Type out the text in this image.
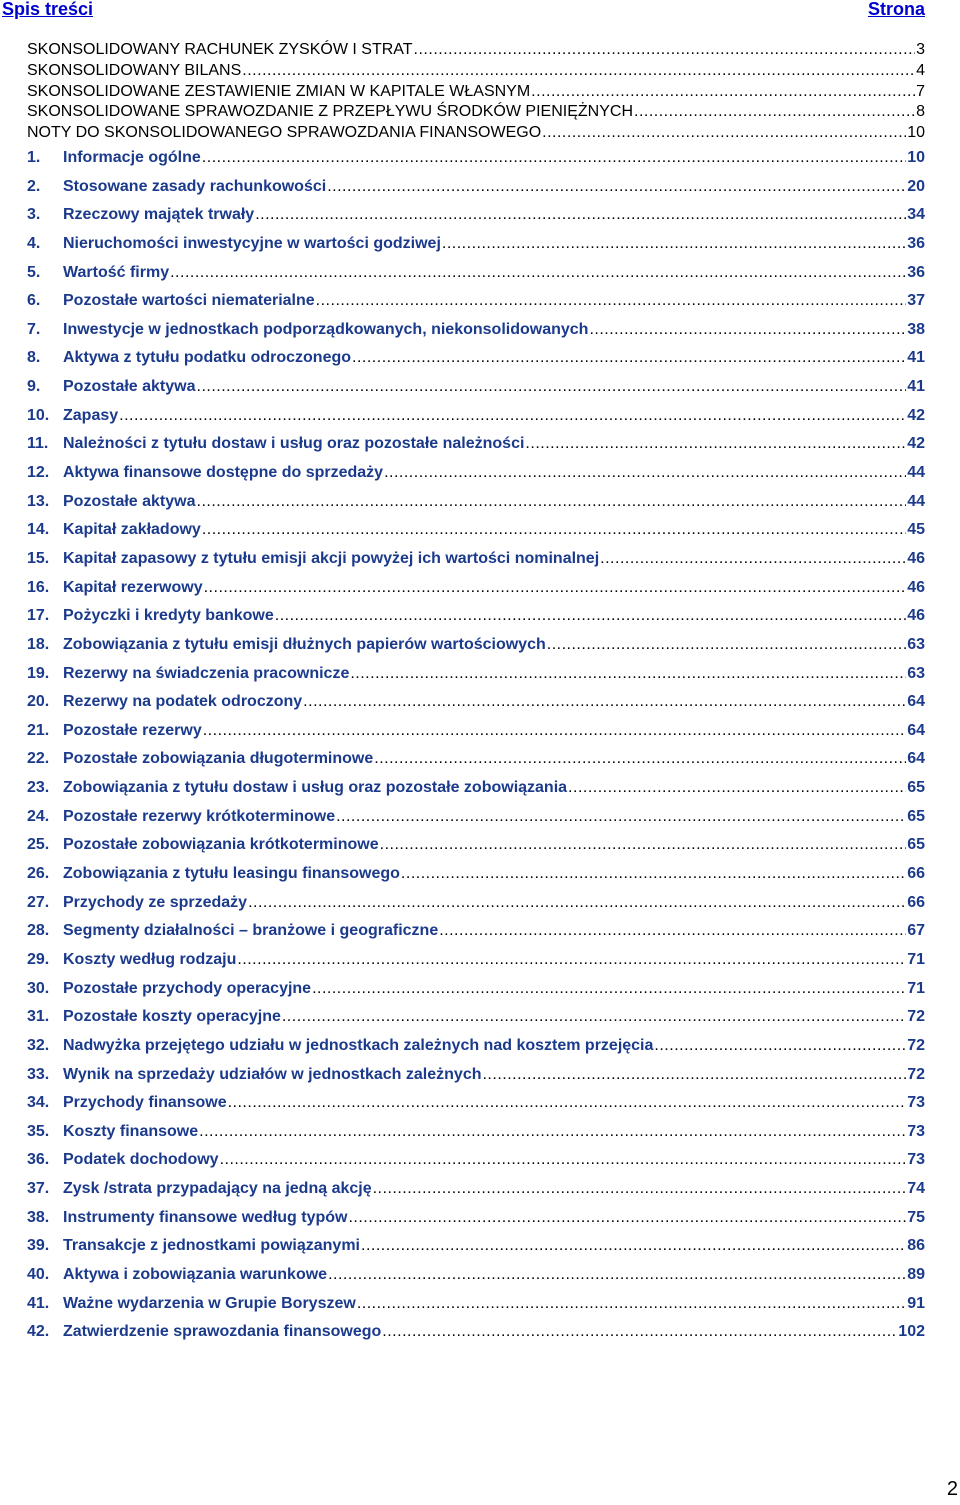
Spis treści	Strona
SKONSOLIDOWANY RACHUNEK ZYSKÓW I STRAT .....	3
SKONSOLIDOWANY BILANS .....	4
SKONSOLIDOWANE ZESTAWIENIE ZMIAN W KAPITALE WŁASNYM .....	7
SKONSOLIDOWANE SPRAWOZDANIE Z PRZEPŁYWU ŚRODKÓW PIENIĘŻNYCH .....	8
NOTY DO SKONSOLIDOWANEGO SPRAWOZDANIA FINANSOWEGO .....	10
1.	Informacje ogólne .....	10
2.	Stosowane zasady rachunkowości .....	20
3.	Rzeczowy majątek trwały .....	34
4.	Nieruchomości inwestycyjne w wartości godziwej .....	36
5.	Wartość firmy .....	36
6.	Pozostałe wartości niematerialne .....	37
7.	Inwestycje w jednostkach podporządkowanych, niekonsolidowanych .....	38
8.	Aktywa z tytułu podatku odroczonego .....	41
9.	Pozostałe aktywa .....	41
10. Zapasy .....	42
11. Należności z tytułu dostaw i usług oraz pozostałe należności .....	42
12. Aktywa finansowe dostępne do sprzedaży .....	44
13. Pozostałe aktywa .....	44
14. Kapitał zakładowy .....	45
15. Kapitał zapasowy z tytułu emisji akcji powyżej ich wartości nominalnej .....	46
16. Kapitał rezerwowy .....	46
17. Pożyczki i kredyty bankowe .....	46
18. Zobowiązania z tytułu emisji dłużnych papierów wartościowych .....	63
19. Rezerwy na świadczenia pracownicze .....	63
20. Rezerwy na podatek odroczony .....	64
21. Pozostałe rezerwy .....	64
22. Pozostałe zobowiązania długoterminowe .....	64
23. Zobowiązania z tytułu dostaw i usług oraz pozostałe zobowiązania .....	65
24. Pozostałe rezerwy krótkoterminowe .....	65
25. Pozostałe zobowiązania krótkoterminowe .....	65
26. Zobowiązania z tytułu leasingu finansowego .....	66
27. Przychody ze sprzedaży .....	66
28. Segmenty działalności – branżowe i geograficzne .....	67
29. Koszty według rodzaju .....	71
30. Pozostałe przychody operacyjne .....	71
31. Pozostałe koszty operacyjne .....	72
32. Nadwyżka przejętego udziału w jednostkach zależnych nad kosztem przejęcia .....	72
33. Wynik na sprzedaży udziałów w jednostkach zależnych .....	72
34. Przychody finansowe .....	73
35. Koszty finansowe .....	73
36. Podatek dochodowy .....	73
37. Zysk /strata przypadający na jedną akcję .....	74
38. Instrumenty finansowe według typów .....	75
39. Transakcje z jednostkami powiązanymi .....	86
40. Aktywa i zobowiązania warunkowe .....	89
41. Ważne wydarzenia w Grupie Boryszew .....	91
42. Zatwierdzenie sprawozdania finansowego .....	102
2
